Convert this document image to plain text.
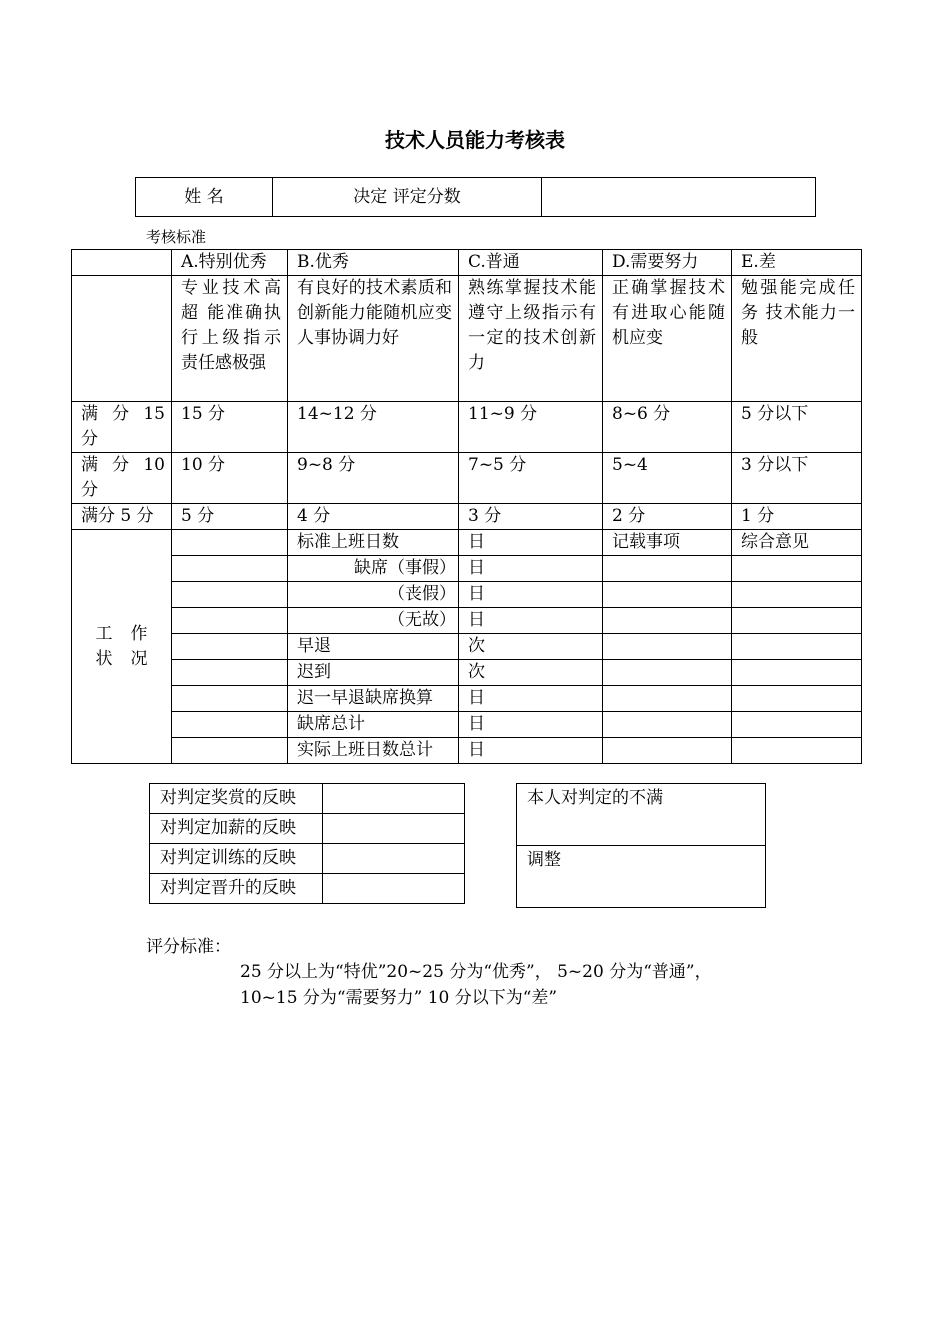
技术人员能力考核表
姓 名	决定 评定分数	
考核标准
	A.特别优秀	B.优秀	C.普通	D.需要努力	E.差
	专业技术高超 能准确执行上级指示责任感极强	有良好的技术素质和创新能力能随机应变人事协调力好	熟练掌握技术能遵守上级指示有一定的技术创新力	正确掌握技术 有进取心能随机应变	勉强能完成任务 技术能力一般
满 分 15 分	15 分	14~12 分	11~9 分	8~6 分	5 分以下
满 分 10 分	10 分	9~8 分	7~5 分	5~4	3 分以下
满分 5 分	5 分	4 分	3 分	2 分	1 分

工 作 状 况		标准上班日数	日	记载事项	综合意见
		缺席（事假）	日		
		（丧假）	日		
		（无故）	日		
		早退	次		
		迟到	次		
		迟一早退缺席换算	日		
		缺席总计	日		
		实际上班日数总计	日		
对判定奖赏的反映	
对判定加薪的反映	
对判定训练的反映	
对判定晋升的反映	
本人对判定的不满
调整
评分标准：
25 分以上为“特优”20~25 分为“优秀”， 5~20 分为“普通”，
10~15 分为“需要努力” 10 分以下为“差”
